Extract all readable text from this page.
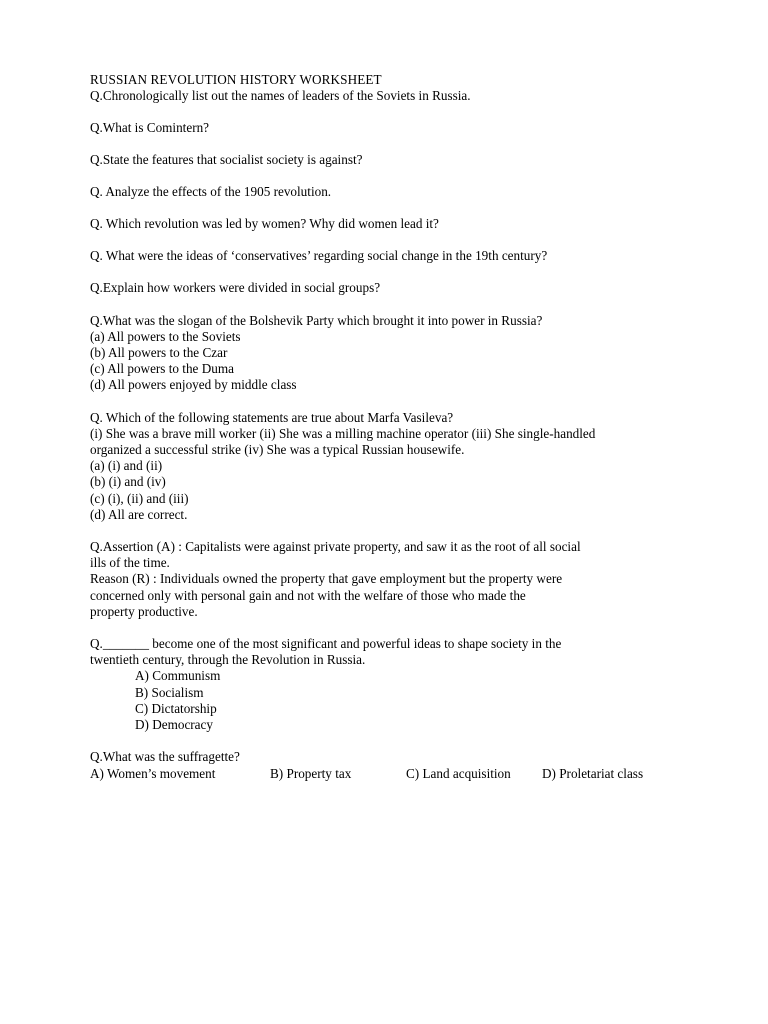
RUSSIAN REVOLUTION HISTORY WORKSHEET

Q.Chronologically list out the names of leaders of the Soviets in Russia.

Q.What is Comintern?

Q.State the features that socialist society is against?

Q. Analyze the effects of the 1905 revolution.

Q. Which revolution was led by women? Why did women lead it?

Q. What were the ideas of ‘conservatives’ regarding social change in the 19th century?

Q.Explain how workers were divided in social groups?

Q.What was the slogan of the Bolshevik Party which brought it into power in Russia?

(a) All powers to the Soviets

(b) All powers to the Czar

(c) All powers to the Duma

(d) All powers enjoyed by middle class

Q. Which of the following statements are true about Marfa Vasileva?

(i) She was a brave mill worker (ii) She was a milling machine operator (iii) She single-handled

organized a successful strike (iv) She was a typical Russian housewife.

(a) (i) and (ii)

(b) (i) and (iv)

(c) (i), (ii) and (iii)

(d) All are correct.

Q.Assertion (A) : Capitalists were against private property, and saw it as the root of all social

ills of the time.

Reason (R) : Individuals owned the property that gave employment but the property were

concerned only with personal gain and not with the welfare of those who made the

property productive.

Q._______ become one of the most significant and powerful ideas to shape society in the

twentieth century, through the Revolution in Russia.

A) Communism

B) Socialism

C) Dictatorship

D) Democracy

Q.What was the suffragette?

A) Women’s movement	B) Property tax	C) Land acquisition D) Proletariat class
